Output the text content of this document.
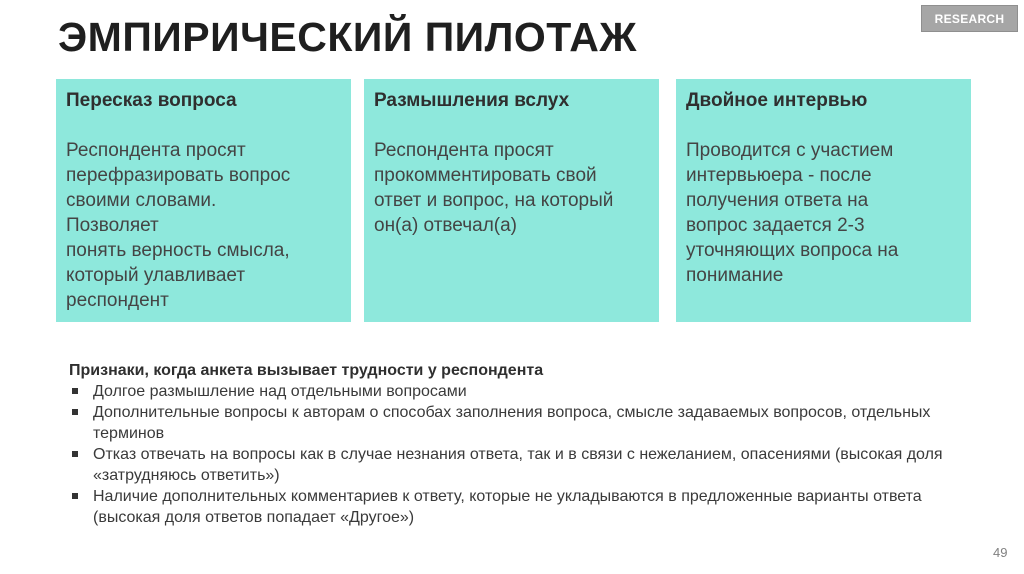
ЭМПИРИЧЕСКИЙ ПИЛОТАЖ	RESEARCH
Пересказ вопроса
Респондента просят
перефразировать вопрос
своими словами.
Позволяет
понять верность смысла,
который улавливает
респондент
Размышления вслух
Респондента просят
прокомментировать свой
ответ и вопрос, на который
он(а) отвечал(а)
Двойное интервью
Проводится с участием
интервьюера - после
получения ответа на
вопрос задается 2-3
уточняющих вопроса на
понимание
Признаки, когда анкета вызывает трудности у респондента
Долгое размышление над отдельными вопросами
Дополнительные вопросы к авторам о способах заполнения вопроса, смысле задаваемых вопросов, отдельных терминов
Отказ отвечать на вопросы как в случае незнания ответа, так и в связи с нежеланием, опасениями (высокая доля «затрудняюсь ответить»)
Наличие дополнительных комментариев к ответу, которые не укладываются в предложенные варианты ответа (высокая доля ответов попадает «Другое»)
49
